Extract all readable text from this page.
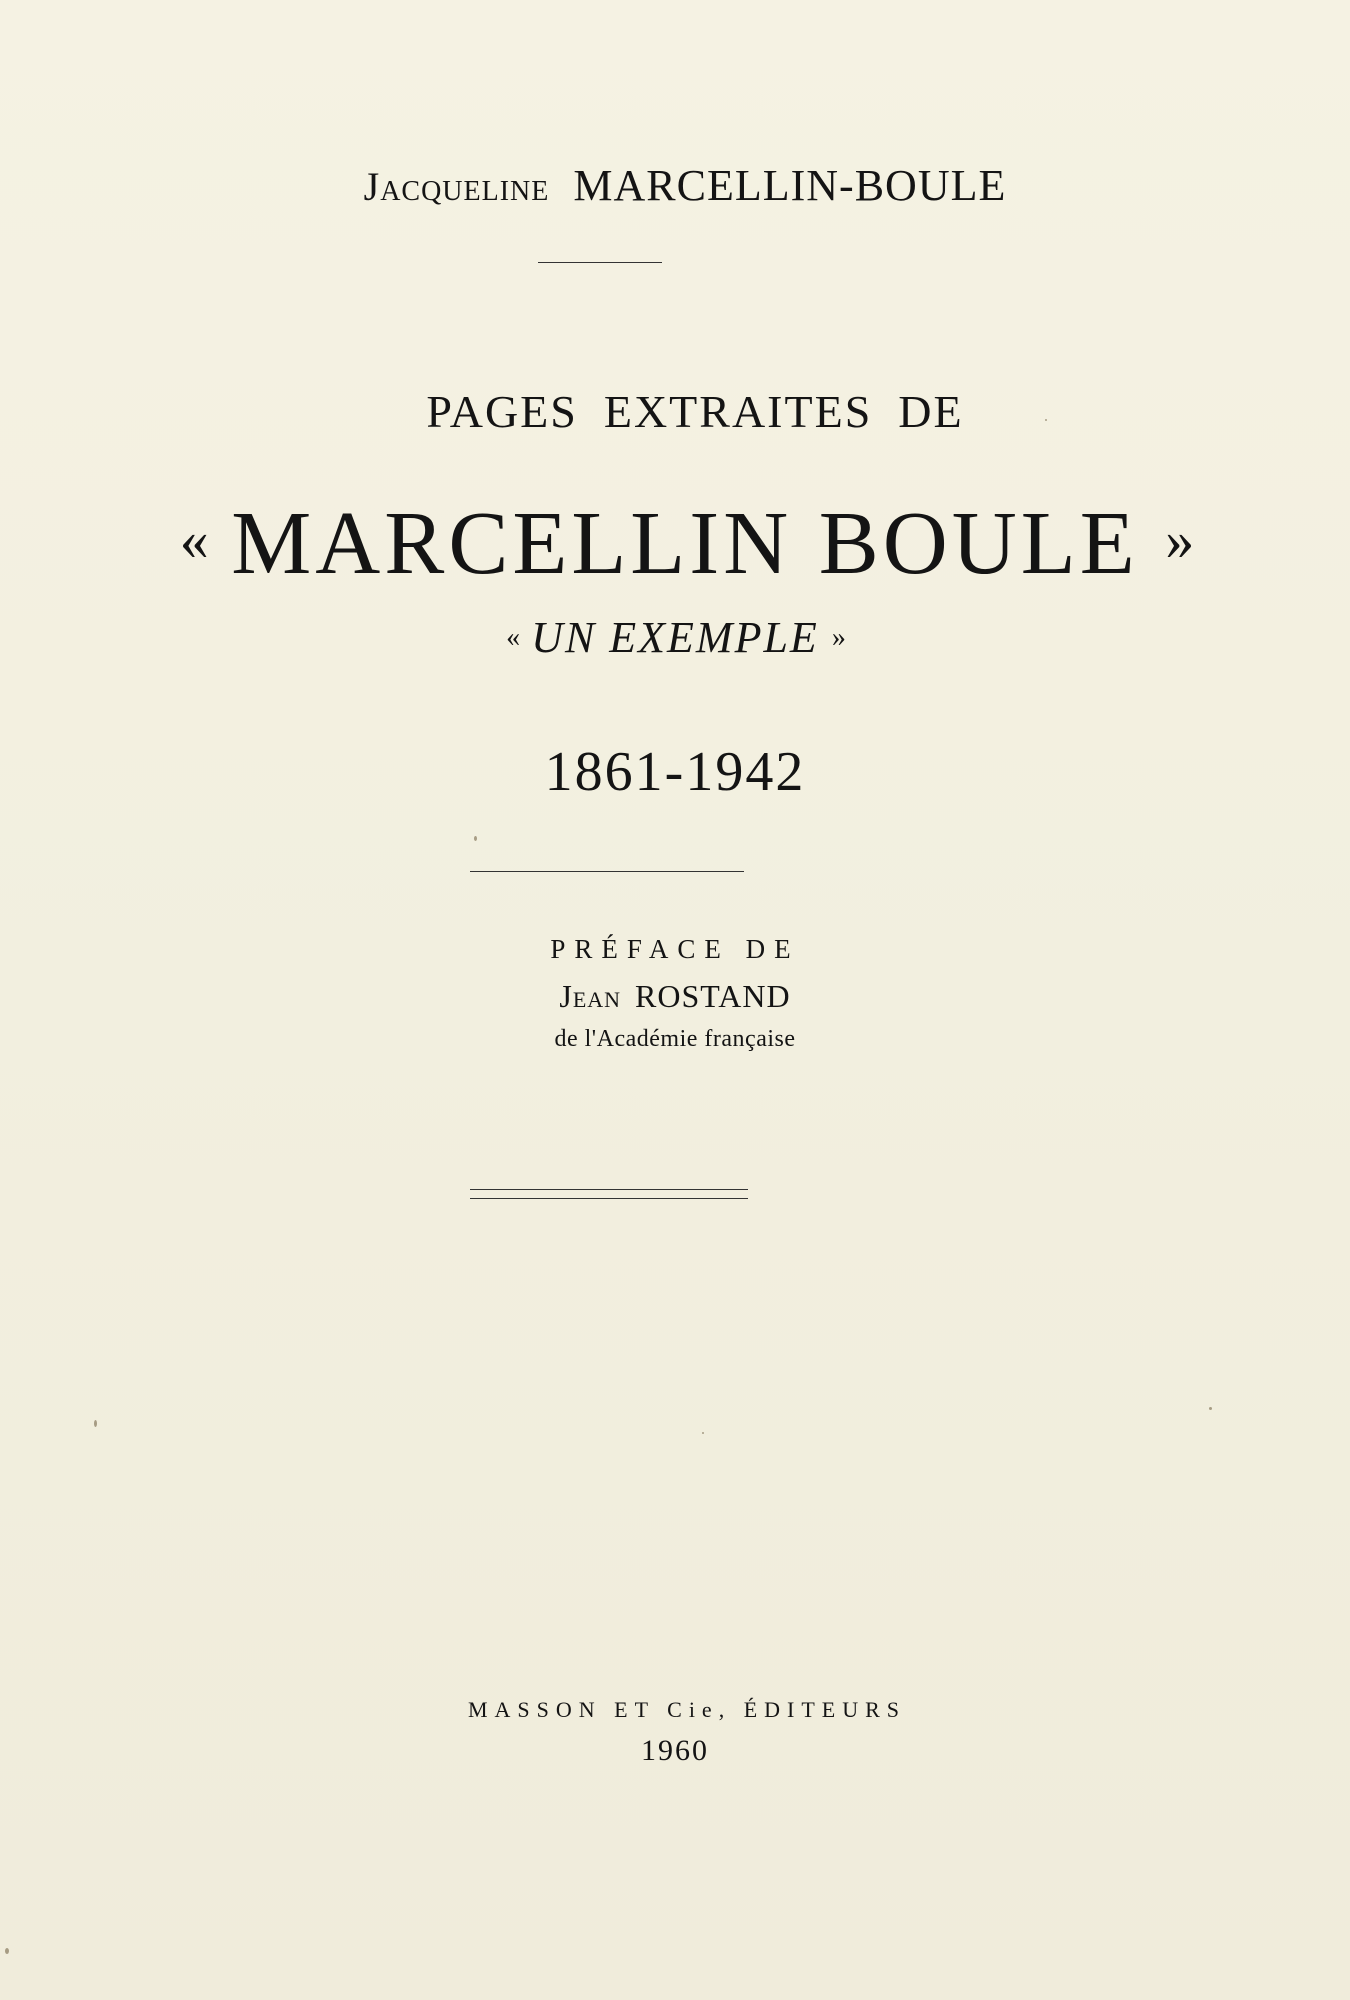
Jacqueline MARCELLIN-BOULE
PAGES EXTRAITES DE
« MARCELLIN BOULE »
« UN EXEMPLE »
1861-1942
PRÉFACE DE
Jean ROSTAND
de l'Académie française
MASSON ET Cie, ÉDITEURS
1960
